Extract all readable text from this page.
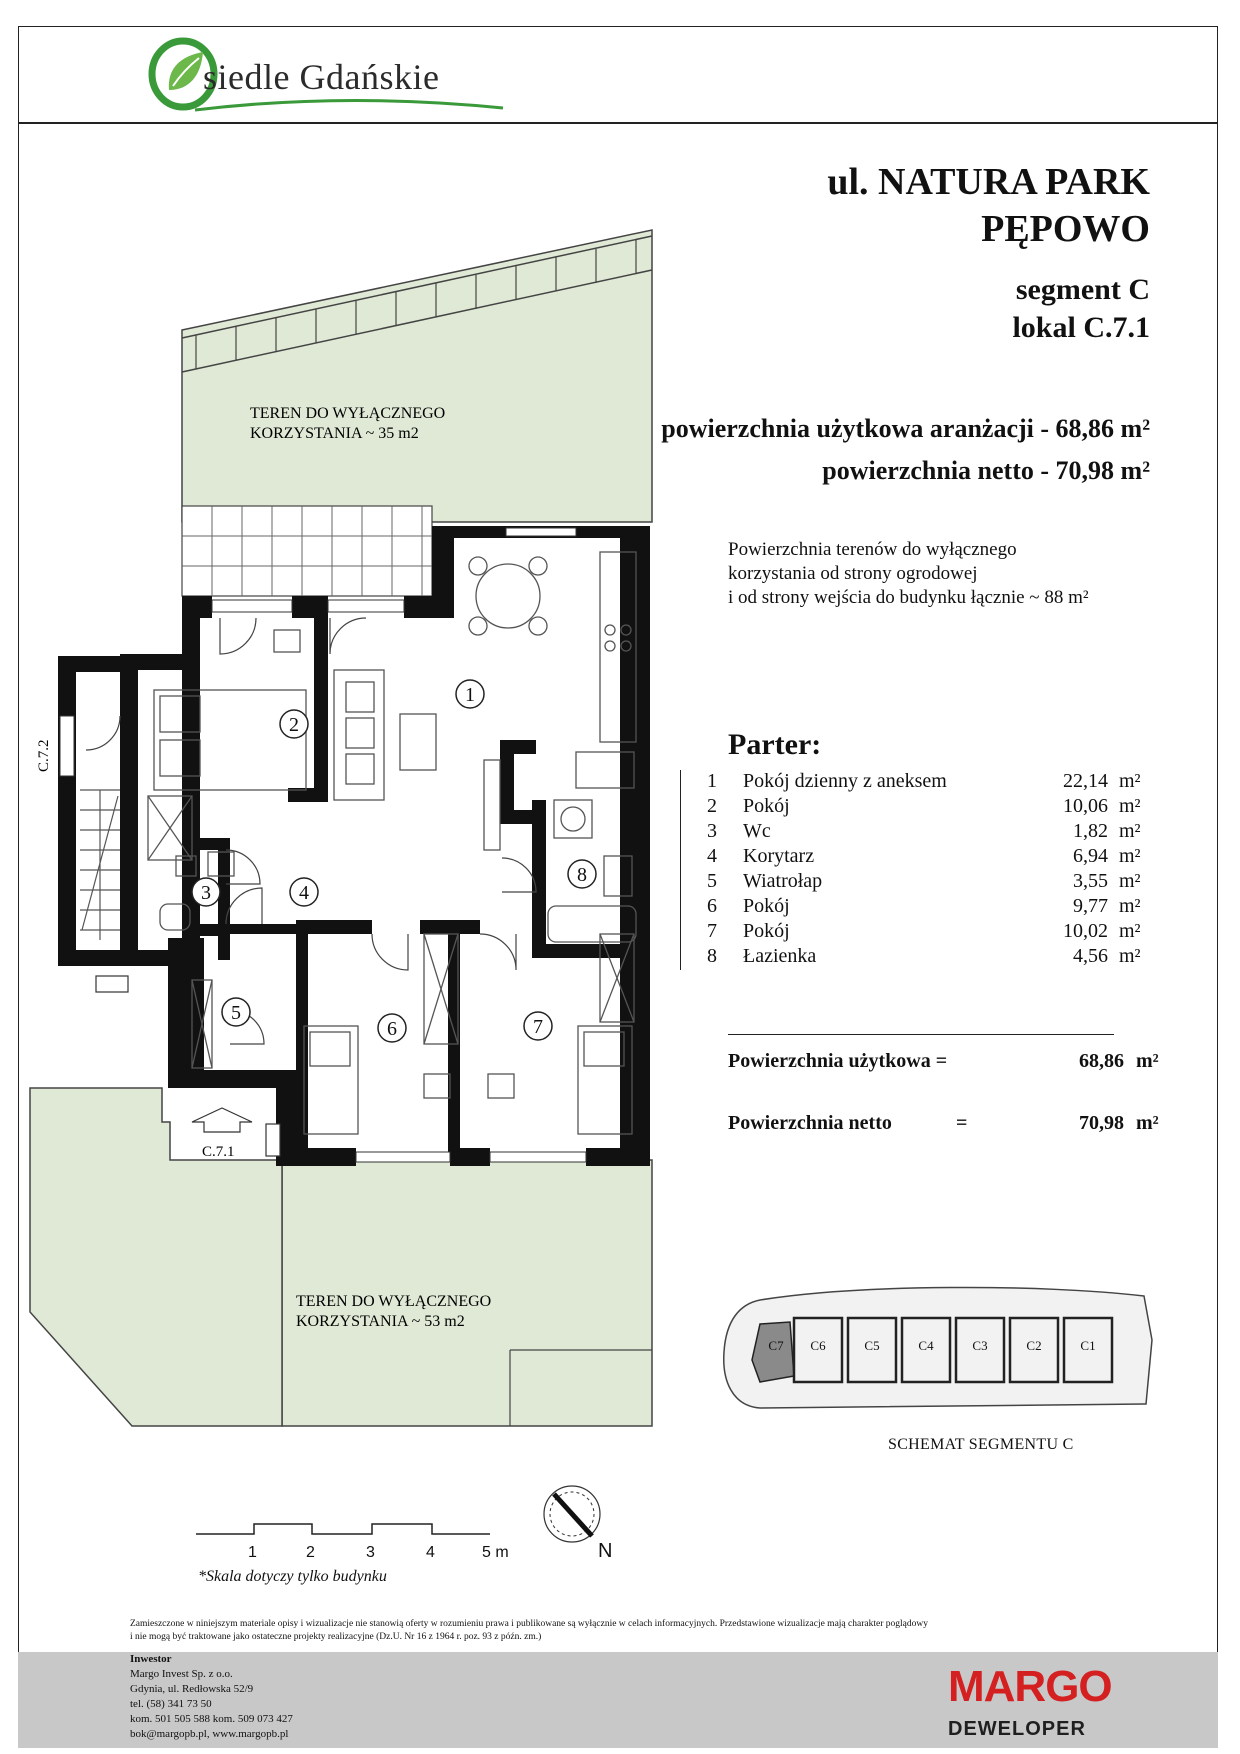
siedle Gdańskie
ul. NATURA PARK
PĘPOWO
segment C
lokal C.7.1
powierzchnia użytkowa aranżacji - 68,86 m²
powierzchnia netto - 70,98 m²
Powierzchnia terenów do wyłącznego
korzystania od strony ogrodowej
i od strony wejścia do budynku łącznie ~ 88 m²
Parter:
1 Pokój dzienny z aneksem	22,14 m²
2 Pokój	10,06 m²
3 Wc	1,82 m²
4 Korytarz	6,94 m²
5 Wiatrołap	3,55 m²
6 Pokój	9,77 m²
7 Pokój	10,02 m²
8 Łazienka	4,56 m²
Powierzchnia użytkowa =	68,86 m²
Powierzchnia netto	=	70,98 m²
1
2
3	4
5
6	7
8
TEREN DO WYŁĄCZNEGO
KORZYSTANIA ~ 35 m2
TEREN DO WYŁĄCZNEGO
KORZYSTANIA ~ 53 m2
C.7.2
C.7.1
C7 C6	C5	C4	C3	C2	C1
SCHEMAT SEGMENTU C
1	2	3	4	5 m
*Skala dotyczy tylko budynku
N
Zamieszczone w niniejszym materiale opisy i wizualizacje nie stanowią oferty w rozumieniu prawa i publikowane są wyłącznie w celach informacyjnych. Przedstawione wizualizacje mają charakter poglądowy
i nie mogą być traktowane jako ostateczne projekty realizacyjne (Dz.U. Nr 16 z 1964 r. poz. 93 z późn. zm.)
Inwestor
Margo Invest Sp. z o.o.
Gdynia, ul. Redłowska 52/9
tel. (58) 341 73 50
kom. 501 505 588 kom. 509 073 427
bok@margopb.pl, www.margopb.pl
MARGO
DEWELOPER
